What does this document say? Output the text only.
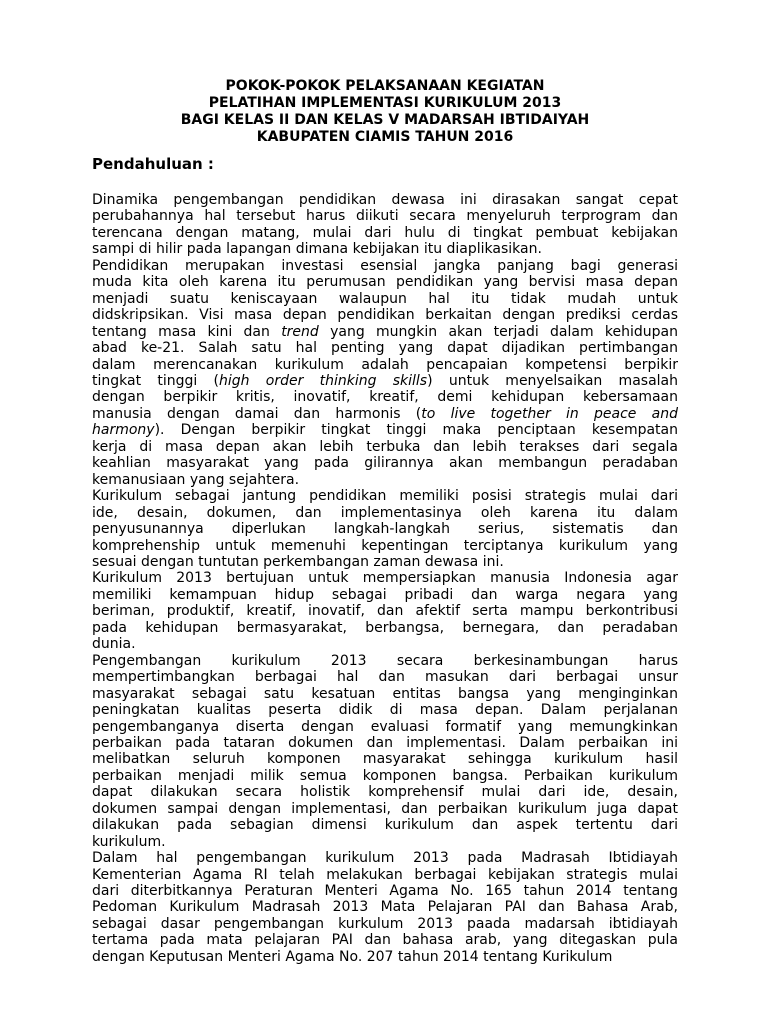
POKOK-POKOK PELAKSANAAN KEGIATAN
PELATIHAN IMPLEMENTASI KURIKULUM 2013
BAGI KELAS II DAN KELAS V MADARSAH IBTIDAIYAH
KABUPATEN CIAMIS TAHUN 2016
Pendahuluan :
Dinamika pengembangan pendidikan dewasa ini dirasakan sangat cepat
perubahannya hal tersebut harus diikuti secara menyeluruh terprogram dan
terencana dengan matang, mulai dari hulu di tingkat pembuat kebijakan
sampi di hilir pada lapangan dimana kebijakan itu diaplikasikan.
Pendidikan merupakan investasi esensial jangka panjang bagi generasi
muda kita oleh karena itu perumusan pendidikan yang bervisi masa depan
menjadi suatu keniscayaan walaupun hal itu tidak mudah untuk
didskripsikan. Visi masa depan pendidikan berkaitan dengan prediksi cerdas
tentang masa kini dan trend yang mungkin akan terjadi dalam kehidupan
abad ke-21. Salah satu hal penting yang dapat dijadikan pertimbangan
dalam merencanakan kurikulum adalah pencapaian kompetensi berpikir
tingkat tinggi (high order thinking skills) untuk menyelsaikan masalah
dengan berpikir kritis, inovatif, kreatif, demi kehidupan kebersamaan
manusia dengan damai dan harmonis (to live together in peace and
harmony). Dengan berpikir tingkat tinggi maka penciptaan kesempatan
kerja di masa depan akan lebih terbuka dan lebih terakses dari segala
keahlian masyarakat yang pada gilirannya akan membangun peradaban
kemanusiaan yang sejahtera.
Kurikulum sebagai jantung pendidikan memiliki posisi strategis mulai dari
ide, desain, dokumen, dan implementasinya oleh karena itu dalam
penyusunannya diperlukan langkah-langkah serius, sistematis dan
komprehenship untuk memenuhi kepentingan terciptanya kurikulum yang
sesuai dengan tuntutan perkembangan zaman dewasa ini.
Kurikulum 2013 bertujuan untuk mempersiapkan manusia Indonesia agar
memiliki kemampuan hidup sebagai pribadi dan warga negara yang
beriman, produktif, kreatif, inovatif, dan afektif serta mampu berkontribusi
pada kehidupan bermasyarakat, berbangsa, bernegara, dan peradaban
dunia.
Pengembangan kurikulum 2013 secara berkesinambungan harus
mempertimbangkan berbagai hal dan masukan dari berbagai unsur
masyarakat sebagai satu kesatuan entitas bangsa yang menginginkan
peningkatan kualitas peserta didik di masa depan. Dalam perjalanan
pengembanganya diserta dengan evaluasi formatif yang memungkinkan
perbaikan pada tataran dokumen dan implementasi. Dalam perbaikan ini
melibatkan seluruh komponen masyarakat sehingga kurikulum hasil
perbaikan menjadi milik semua komponen bangsa. Perbaikan kurikulum
dapat dilakukan secara holistik komprehensif mulai dari ide, desain,
dokumen sampai dengan implementasi, dan perbaikan kurikulum juga dapat
dilakukan pada sebagian dimensi kurikulum dan aspek tertentu dari
kurikulum.
Dalam hal pengembangan kurikulum 2013 pada Madrasah Ibtidiayah
Kementerian Agama RI telah melakukan berbagai kebijakan strategis mulai
dari diterbitkannya Peraturan Menteri Agama No. 165 tahun 2014 tentang
Pedoman Kurikulum Madrasah 2013 Mata Pelajaran PAI dan Bahasa Arab,
sebagai dasar pengembangan kurkulum 2013 paada madarsah ibtidiayah
tertama pada mata pelajaran PAI dan bahasa arab, yang ditegaskan pula
dengan Keputusan Menteri Agama No. 207 tahun 2014 tentang Kurikulum
